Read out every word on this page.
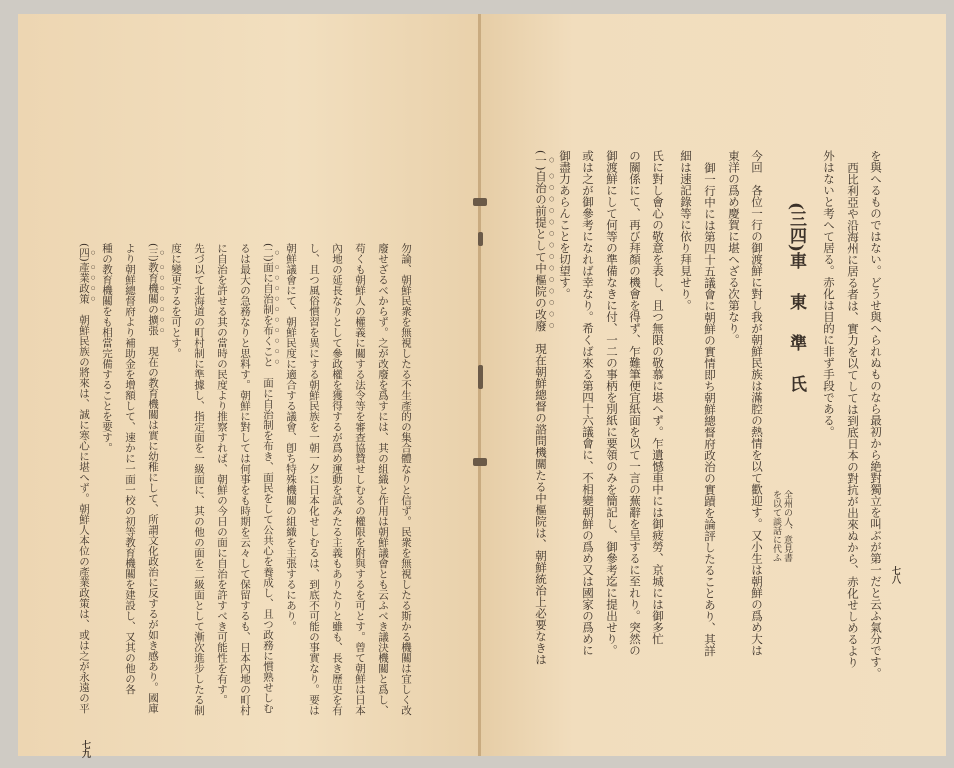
を與へるものではない。どうせ與へられぬものなら最初から絶對獨立を叫ぶが第一だと云ふ氣分です。
西比利亞や沿海州に居る者は、實力を以てしては到底日本の對抗が出來ぬから、赤化せしめるより
外はないと考へて居る。赤化は目的に非ず手段である。
今回　各位一行の御渡鮮に對し我が朝鮮民族は滿腔の熱情を以て歡迎す。又小生は朝鮮の爲め大は
東洋の爲め慶賀に堪へざる次第なり。
御一行中には第四十五議會に朝鮮の實情即ち朝鮮總督府政治の實蹟を論評したることあり、其詳
細は速記錄等に依り拜見せり。
氏に對し會心の敬意を表し、且つ無限の敬慕に堪へず。乍遺憾車中には御疲勞、京城には御多忙
の關係にて、再び拜顏の機會を得ず、乍難筆便宜紙面を以て一言の蕪辭を呈するに至れり。突然の
御渡鮮にして何等の準備なきに付、一二の事柄を別紙に要領のみを簡記し、御參考迄に提出せり。
或は之が御參考になれば幸なり。希くば來る第四十六議會に、不相變朝鮮の爲め又は國家の爲めに
御盡力あらんことを切望す。
(一)自治の前提として中樞院の改廢　現在朝鮮總督の諮問機關たる中樞院は、朝鮮統治上必要なきは
勿論、朝鮮民衆を無視したる不生產的の集合體なりと信ず。民衆を無視したる斯かる機關は宜しく改
廢せざるべからず。之が改廢を爲すには、其の組織と作用は朝鮮議會とも云ふべき議決機關と爲し、
苟くも朝鮮人の權義に關する法令等を審查協贊せしむるの權限を附與するを可とす。曾て朝鮮は日本
內地の延長なりとして參政權を獲得するが爲め運動を試みたる主義もありたりと雖も、長き歷史を有
し、且つ風俗慣習を異にする朝鮮民族を一朝一夕に日本化せしむるは、到底不可能の事實なり。要は
朝鮮議會にて、朝鮮民度に適合する議會、卽ち特殊機關の組織を主張するにあり。
(二)面に自治制を布くこと　面に自治制を布き、面民をして公共心を養成し、且つ政務に慣熟せしむ
るは最大の急務なりと思料す。朝鮮に對しては何事をも時期を云々して保留するも、日本內地の町村
に自治を許せる其の當時の民度より推察すれば、朝鮮の今日の面に自治を許すべき可能性を有す。
先づ以て北海道の町村制に準據し、指定面を一級面に、其の他の面を二級面として漸次進步したる制
度に變更するを可とす。
(三)教育機關の擴張　現在の教育機關は實に幼稚にして、所謂文化政治に反するが如き感あり。國庫
より朝鮮總督府より補助金を增額して、速かに一面一校の初等教育機關を建設し、又其の他の各
種の教育機關をも相當完備することを要す。
(四)產業政策　朝鮮民族の將來は、誠に寒心に堪へず。朝鮮人本位の產業政策は、或は之が永遠の平
(三四)車東準氏
全州の人、意見書
を以て談話に代ふ
七八
七九
